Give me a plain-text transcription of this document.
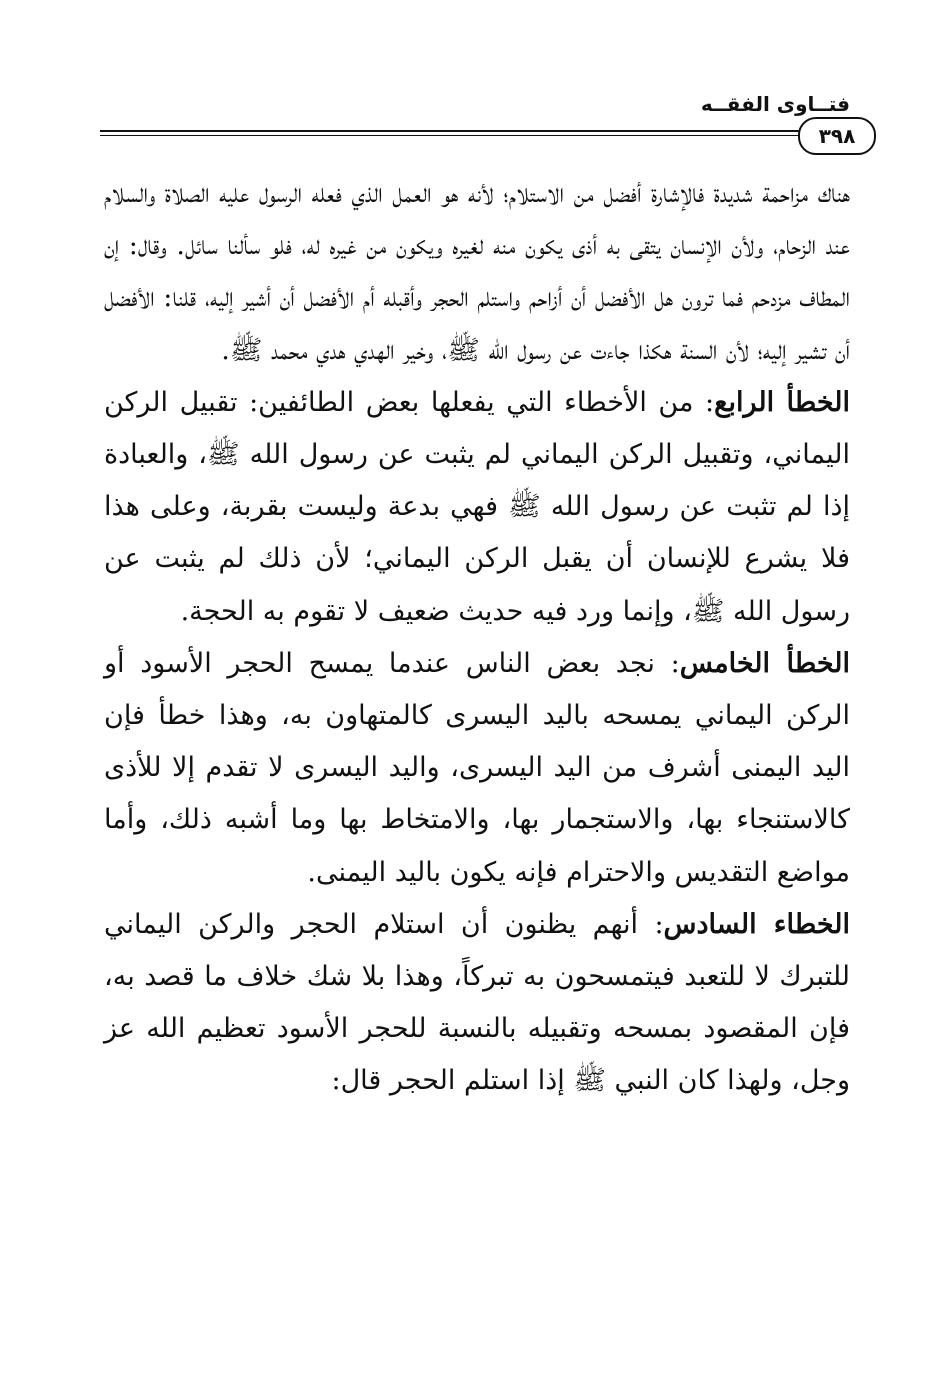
فتــاوى الفقــه
٣٩٨

هناك مزاحمة شديدة فالإشارة أفضل من الاستلام؛ لأنه هو العمل الذي فعله الرسول عليه الصلاة والسلام عند الزحام، ولأن الإنسان يتقى به أذى يكون منه لغيره ويكون من غيره له، فلو سألنا سائل. وقال: إن المطاف مزدحم فما ترون هل الأفضل أن أزاحم واستلم الحجر وأقبله أم الأفضل أن أشير إليه، قلنا: الأفضل أن تشير إليه؛ لأن السنة هكذا جاءت عن رسول الله ﷺ، وخير الهدي هدي محمد ﷺ.

الخطأ الرابع: من الأخطاء التي يفعلها بعض الطائفين: تقبيل الركن اليماني، وتقبيل الركن اليماني لم يثبت عن رسول الله ﷺ، والعبادة إذا لم تثبت عن رسول الله ﷺ فهي بدعة وليست بقربة، وعلى هذا فلا يشرع للإنسان أن يقبل الركن اليماني؛ لأن ذلك لم يثبت عن رسول الله ﷺ، وإنما ورد فيه حديث ضعيف لا تقوم به الحجة.

الخطأ الخامس: نجد بعض الناس عندما يمسح الحجر الأسود أو الركن اليماني يمسحه باليد اليسرى كالمتهاون به، وهذا خطأ فإن اليد اليمنى أشرف من اليد اليسرى، واليد اليسرى لا تقدم إلا للأذى كالاستنجاء بها، والاستجمار بها، والامتخاط بها وما أشبه ذلك، وأما مواضع التقديس والاحترام فإنه يكون باليد اليمنى.

الخطاء السادس: أنهم يظنون أن استلام الحجر والركن اليماني للتبرك لا للتعبد فيتمسحون به تبركاً، وهذا بلا شك خلاف ما قصد به، فإن المقصود بمسحه وتقبيله بالنسبة للحجر الأسود تعظيم الله عز وجل، ولهذا كان النبي ﷺ إذا استلم الحجر قال:
